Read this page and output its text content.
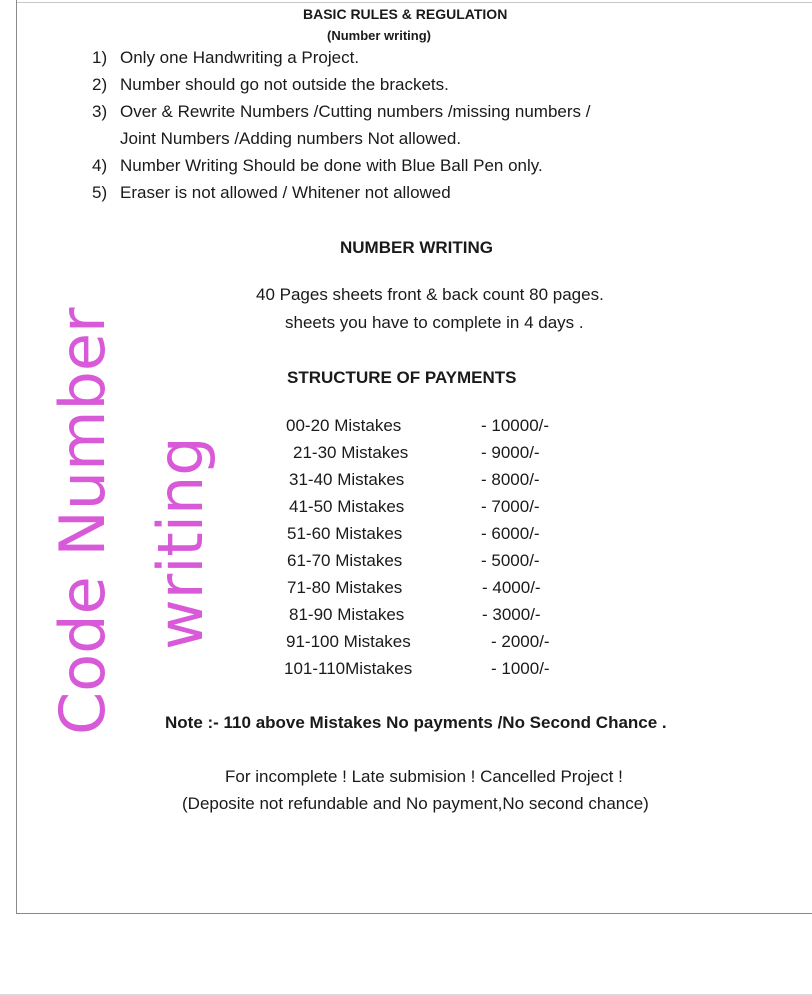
Code Number writing
BASIC RULES & REGULATION
(Number writing)
1) Only one Handwriting a Project.
2) Number should go not outside the brackets.
3) Over & Rewrite Numbers /Cutting numbers /missing numbers /
Joint Numbers /Adding numbers Not allowed.
4) Number Writing Should be done with Blue Ball Pen only.
5) Eraser is not allowed / Whitener not allowed
NUMBER WRITING
40 Pages sheets front & back count 80 pages.
sheets you have to complete in 4 days .
STRUCTURE OF PAYMENTS
00-20 Mistakes	- 10000/-
21-30 Mistakes	- 9000/-
31-40 Mistakes	- 8000/-
41-50 Mistakes	- 7000/-
51-60 Mistakes	- 6000/-
61-70 Mistakes	- 5000/-
71-80 Mistakes	- 4000/-
81-90 Mistakes	- 3000/-
91-100 Mistakes	- 2000/-
101-110Mistakes	- 1000/-
Note :- 110 above Mistakes No payments /No Second Chance .
For incomplete ! Late submision ! Cancelled Project !
(Deposite not refundable and No payment,No second chance)
